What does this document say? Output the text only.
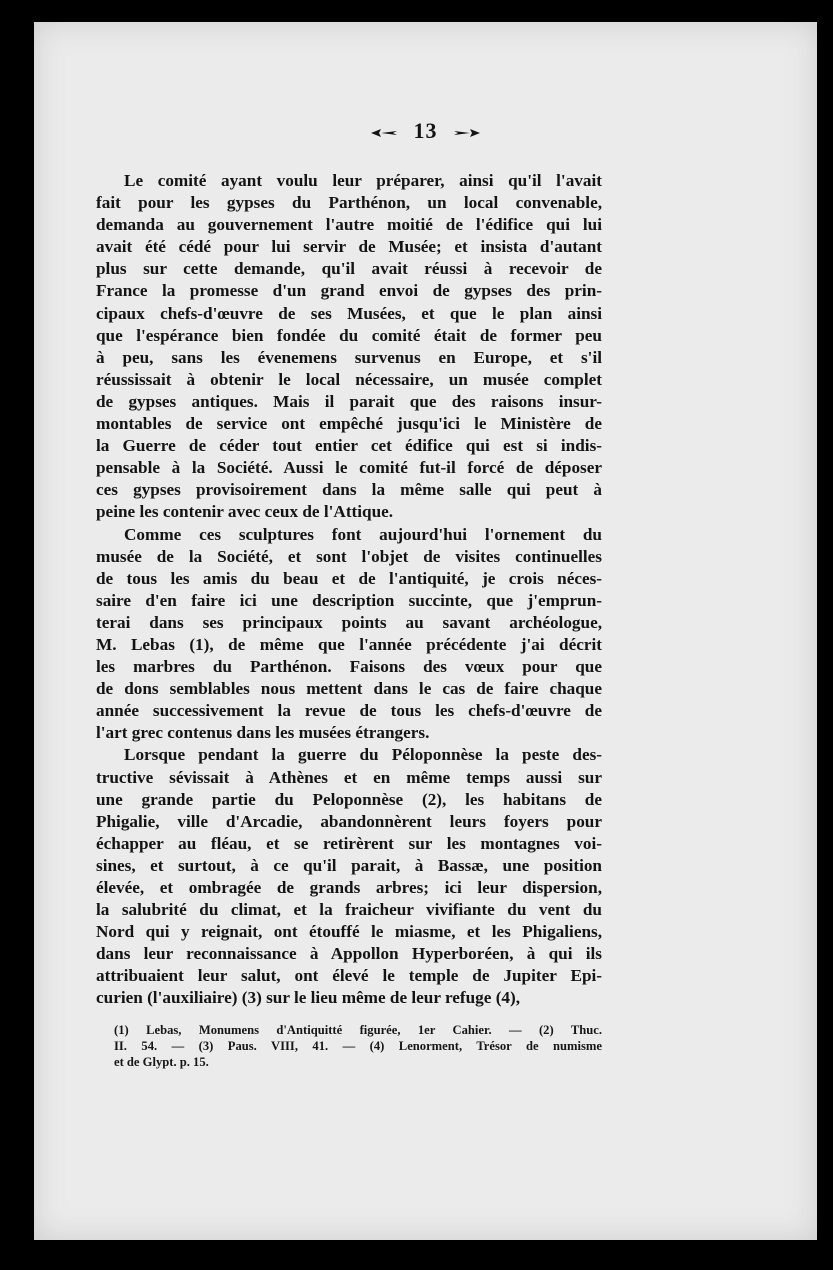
13
Le comité ayant voulu leur préparer, ainsi qu'il l'avait
fait pour les gypses du Parthénon, un local convenable,
demanda au gouvernement l'autre moitié de l'édifice qui lui
avait été cédé pour lui servir de Musée; et insista d'autant
plus sur cette demande, qu'il avait réussi à recevoir de
France la promesse d'un grand envoi de gypses des prin-
cipaux chefs-d'œuvre de ses Musées, et que le plan ainsi
que l'espérance bien fondée du comité était de former peu
à peu, sans les évenemens survenus en Europe, et s'il
réussissait à obtenir le local nécessaire, un musée complet
de gypses antiques. Mais il parait que des raisons insur-
montables de service ont empêché jusqu'ici le Ministère de
la Guerre de céder tout entier cet édifice qui est si indis-
pensable à la Société. Aussi le comité fut-il forcé de déposer
ces gypses provisoirement dans la même salle qui peut à
peine les contenir avec ceux de l'Attique.
Comme ces sculptures font aujourd'hui l'ornement du
musée de la Société, et sont l'objet de visites continuelles
de tous les amis du beau et de l'antiquité, je crois néces-
saire d'en faire ici une description succinte, que j'emprun-
terai dans ses principaux points au savant archéologue,
M. Lebas (1), de même que l'année précédente j'ai décrit
les marbres du Parthénon. Faisons des vœux pour que
de dons semblables nous mettent dans le cas de faire chaque
année successivement la revue de tous les chefs-d'œuvre de
l'art grec contenus dans les musées étrangers.
Lorsque pendant la guerre du Péloponnèse la peste des-
tructive sévissait à Athènes et en même temps aussi sur
une grande partie du Peloponnèse (2), les habitans de
Phigalie, ville d'Arcadie, abandonnèrent leurs foyers pour
échapper au fléau, et se retirèrent sur les montagnes voi-
sines, et surtout, à ce qu'il parait, à Bassæ, une position
élevée, et ombragée de grands arbres; ici leur dispersion,
la salubrité du climat, et la fraicheur vivifiante du vent du
Nord qui y reignait, ont étouffé le miasme, et les Phigaliens,
dans leur reconnaissance à Appollon Hyperboréen, à qui ils
attribuaient leur salut, ont élevé le temple de Jupiter Epi-
curien (l'auxiliaire) (3) sur le lieu même de leur refuge (4),
(1) Lebas, Monumens d'Antiquitté figurée, 1er Cahier. — (2) Thuc.
II. 54. — (3) Paus. VIII, 41. — (4) Lenorment, Trésor de numisme
et de Glypt. p. 15.
